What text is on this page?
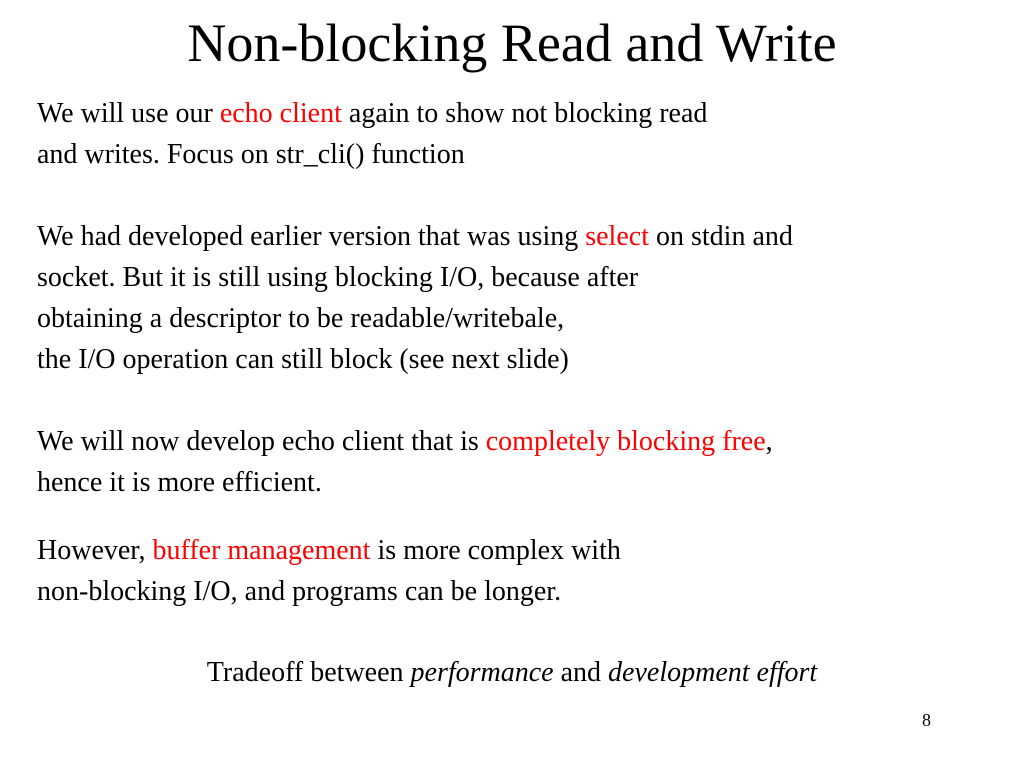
Non-blocking Read and Write

We will use our echo client again to show not blocking read
and writes. Focus on str_cli() function

We had developed earlier version that was using select on stdin and
socket. But it is still using blocking I/O, because after
obtaining a descriptor to be readable/writebale,
the I/O operation can still block (see next slide)

We will now develop echo client that is completely blocking free,
hence it is more efficient.

However, buffer management is more complex with
non-blocking I/O, and programs can be longer.

Tradeoff between performance and development effort

8
